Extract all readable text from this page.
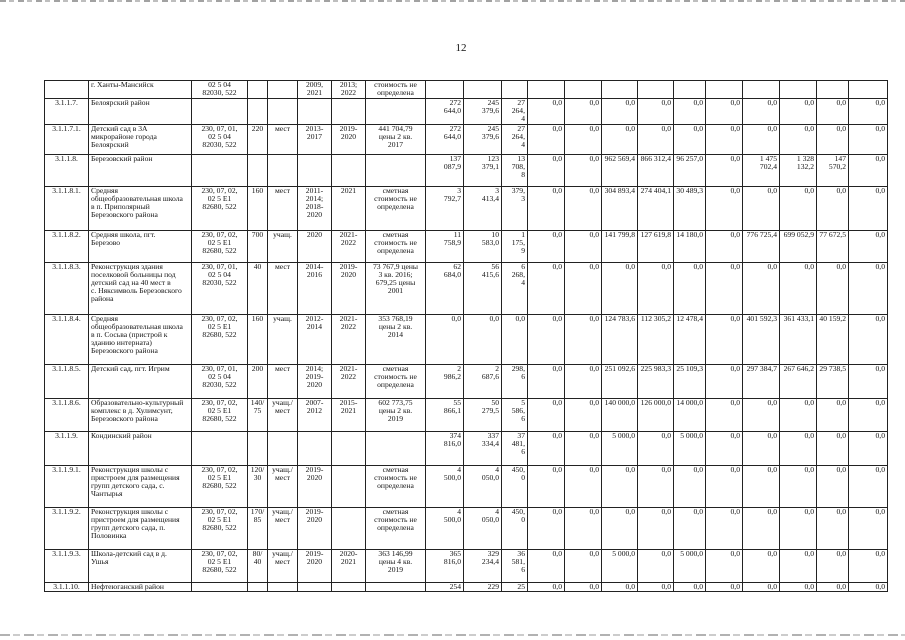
12
	г. Ханты-Мансийск	02 5 04
82030, 522			2009,
2021	2013;
2022	стоимость не
определена													
3.1.1.7.	Белоярский район							272
644,0	245
379,6	27
264,
4	0,0	0,0	0,0	0,0	0,0	0,0	0,0	0,0	0,0	0,0
3.1.1.7.1.	Детский сад в 3А
микрорайоне города
Белоярский	230, 07, 01,
02 5 04
82030, 522	220	мест	2013-
2017	2019-
2020	441 704,79
цены 2 кв.
2017	272
644,0	245
379,6	27
264,
4	0,0	0,0	0,0	0,0	0,0	0,0	0,0	0,0	0,0	0,0
3.1.1.8.	Березовский район							137
087,9	123
379,1	13
708,
8	0,0	0,0	962 569,4	866 312,4	96 257,0	0,0	1 475
702,4	1 328
132,2	147
570,2	0,0
3.1.1.8.1.	Средняя
общеобразовательная школа
в п. Приполярный
Березовского района	230, 07, 02,
02 5 Е1
82680, 522	160	мест	2011-
2014;
2018-
2020	2021	сметная
стоимость не
определена	3
792,7	3
413,4	379,
3	0,0	0,0	304 893,4	274 404,1	30 489,3	0,0	0,0	0,0	0,0	0,0
3.1.1.8.2.	Средняя школа, пгт.
Березово	230, 07, 02,
02 5 Е1
82680, 522	700	учащ.	2020	2021-
2022	сметная
стоимость не
определена	11
758,9	10
583,0	1
175,
9	0,0	0,0	141 799,8	127 619,8	14 180,0	0,0	776 725,4	699 052,9	77 672,5	0,0
3.1.1.8.3.	Реконструкция здания
поселковой больницы под
детский сад на 40 мест в
с. Няксимволь Березовского
района	230, 07, 01,
02 5 04
82030, 522	40	мест	2014-
2016	2019-
2020	73 767,9 цены
3 кв. 2016;
679,25 цены
2001	62
684,0	56
415,6	6
268,
4	0,0	0,0	0,0	0,0	0,0	0,0	0,0	0,0	0,0	0,0
3.1.1.8.4.	Средняя
общеобразовательная школа
в п. Сосьва (пристрой к
зданию интерната)
Березовского района	230, 07, 02,
02 5 Е1
82680, 522	160	учащ.	2012-
2014	2021-
2022	353 768,19
цены 2 кв.
2014	0,0	0,0	0,0	0,0	0,0	124 783,6	112 305,2	12 478,4	0,0	401 592,3	361 433,1	40 159,2	0,0
3.1.1.8.5.	Детский сад, пгт. Игрим	230, 07, 01,
02 5 04
82030, 522	200	мест	2014;
2019-
2020	2021-
2022	сметная
стоимость не
определена	2
986,2	2
687,6	298,
6	0,0	0,0	251 092,6	225 983,3	25 109,3	0,0	297 384,7	267 646,2	29 738,5	0,0
3.1.1.8.6.	Образовательно-культурный
комплекс в д. Хулимсунт,
Березовского района	230, 07, 02,
02 5 Е1
82680, 522	140/ 75	учащ./
мест	2007-
2012	2015-
2021	602 773,75
цены 2 кв.
2019	55
866,1	50
279,5	5
586,
6	0,0	0,0	140 000,0	126 000,0	14 000,0	0,0	0,0	0,0	0,0	0,0
3.1.1.9.	Кондинский район							374
816,0	337
334,4	37
481,
6	0,0	0,0	5 000,0	0,0	5 000,0	0,0	0,0	0,0	0,0	0,0
3.1.1.9.1.	Реконструкция школы с
пристроем для размещения
групп детского сада, с.
Чантырья	230, 07, 02,
02 5 Е1
82680, 522	120/ 30	учащ./
мест	2019-
2020		сметная
стоимость не
определена	4
500,0	4
050,0	450,
0	0,0	0,0	0,0	0,0	0,0	0,0	0,0	0,0	0,0	0,0
3.1.1.9.2.	Реконструкция школы с
пристроем для размещения
групп детского сада, п.
Половинка	230, 07, 02,
02 5 Е1
82680, 522	170/ 85	учащ./
мест	2019-
2020		сметная
стоимость не
определена	4
500,0	4
050,0	450,
0	0,0	0,0	0,0	0,0	0,0	0,0	0,0	0,0	0,0	0,0
3.1.1.9.3.	Школа-детский сад в д.
Ушья	230, 07, 02,
02 5 Е1
82680, 522	80/ 40	учащ./
мест	2019-
2020	2020-
2021	363 146,99
цены 4 кв.
2019	365
816,0	329
234,4	36
581,
6	0,0	0,0	5 000,0	0,0	5 000,0	0,0	0,0	0,0	0,0	0,0
3.1.1.10.	Нефтеюганский район							254	229	25	0,0	0,0	0,0	0,0	0,0	0,0	0,0	0,0	0,0	0,0
